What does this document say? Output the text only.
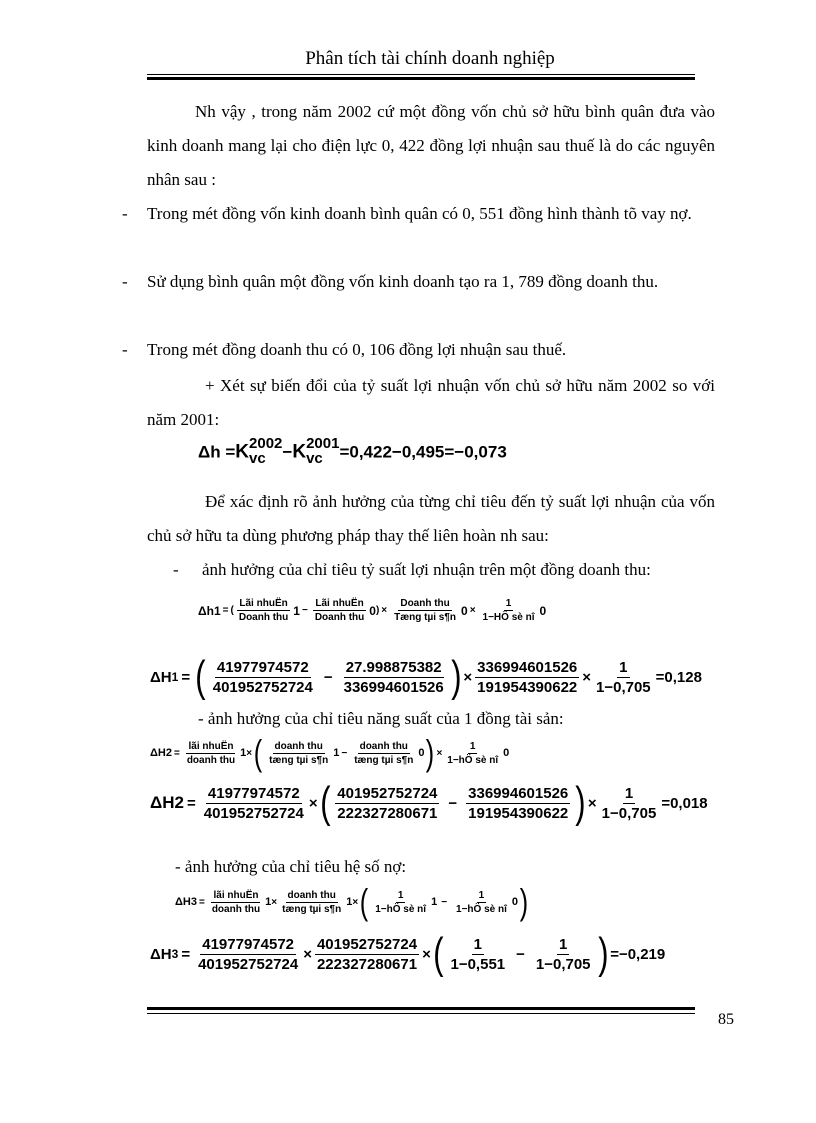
Phân tích tài chính doanh nghiệp
Nh vậy , trong năm 2002 cứ một đồng vốn chủ sở hữu bình quân đưa vào kinh doanh mang lại cho điện lực 0, 422 đồng lợi nhuận sau thuế là do các nguyên nhân sau :
- Trong mét đồng vốn kinh doanh bình quân có 0, 551 đồng hình thành tõ vay nợ.
- Sử dụng bình quân một đồng vốn kinh doanh tạo ra 1, 789 đồng doanh thu.
- Trong mét đồng doanh thu có 0, 106 đồng lợi nhuận sau thuế.
+ Xét sự biến đổi của tỷ suất lợi nhuận vốn chủ sở hữu năm 2002 so với năm 2001:
Δh =K 2002
vc −K 2001
vc =0,422−0,495=−0,073
Để xác định rõ ảnh hưởng của từng chỉ tiêu đến tỷ suất lợi nhuận của vốn chủ sở hữu ta dùng phương pháp thay thế liên hoàn nh sau:
- ảnh hưởng của chỉ tiêu tỷ suất lợi nhuận trên một đồng doanh thu:
Δh 1 = ( $\frac{\text{Lãi nhuËn}}{\text{Doanh thu}} 1 - \frac{\text{Lãi nhuËn}}{\text{Doanh thu}} 0$ ) × $\frac{\text{Doanh thu}}{\text{Tæng tµi s¶n}} 0 \times \frac{1}{\text{1−HÖ sè nî}} 0$
ΔH 1 = ( $\frac{41977974572}{401952752724} - \frac{27.998875382}{336994601526}$ ) × $\frac{336994601526}{191954390622} \times \frac{1}{1-0,705} =0,128$
- ảnh hưởng của chỉ tiêu năng suất của 1 đồng tài sản:
ΔH $2 = \frac{\text{lãi nhuËn}}{\text{doanh thu}} 1$ × ( $\frac{\text{doanh thu}}{\text{tæng tµi s¶n}} 1 - \frac{\text{doanh thu}}{\text{tæng tµi s¶n}} 0$ ) × $\frac{1}{\text{1−hÖ sè nî}} 0$
ΔH $2 = \frac{41977974572}{401952752724}$ × ( $\frac{401952752724}{222327280671} - \frac{336994601526}{191954390622}$ ) × $\frac{1}{1-0,705} =0,018$
- ảnh hưởng của chỉ tiêu hệ số nợ:
ΔH $3 = \frac{\text{lãi nhuËn}}{\text{doanh thu}} 1 \times \frac{\text{doanh thu}}{\text{tæng tµi s¶n}} 1$ × ( $\frac{1}{\text{1−hÖ sè nî}} 1 - \frac{1}{\text{1−hÖ sè nî}} 0$ )
ΔH $3 = \frac{41977974572}{401952752724} \times \frac{401952752724}{222327280671}$ × ( $\frac{1}{1-0,551} - \frac{1}{1-0,705}$ ) =−0,219
85
